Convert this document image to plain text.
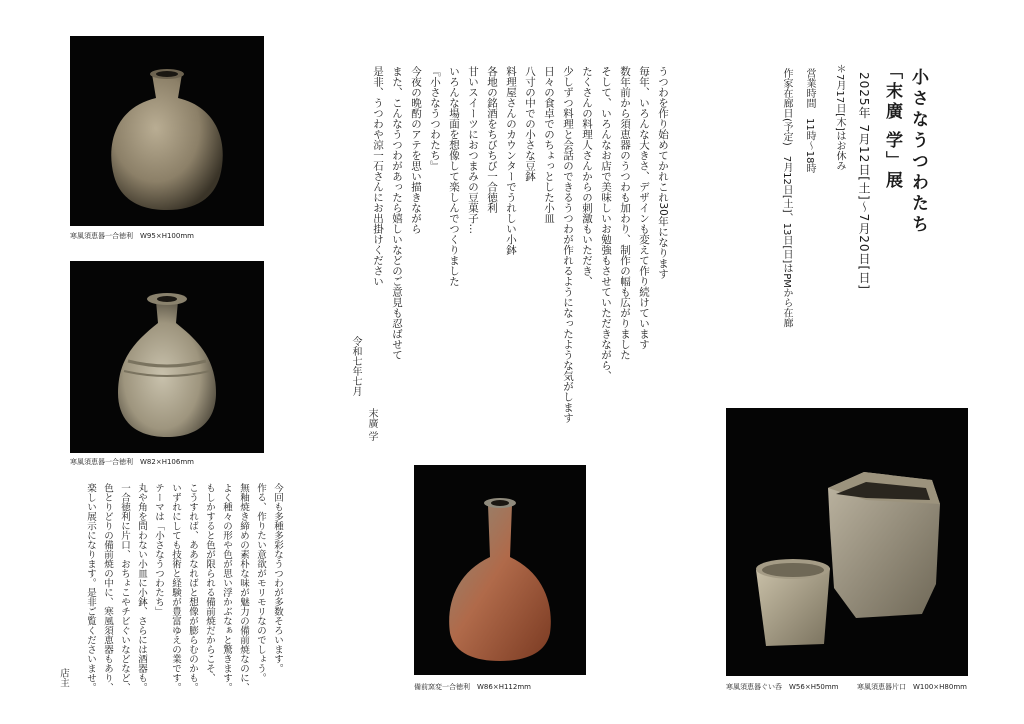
寒風須恵器一合徳利　W95×H100mm
寒風須恵器一合徳利　W82×H106mm
備前窯変一合徳利　W86×H112mm	寒風須恵器ぐい呑　W56×H50mm	寒風須恵器片口　W100×H80mm
小さなうつわたち
「末廣 学」展
2025年 7月12日[土]〜7月20日[日]
＊7月17日[木]はお休み
営業時間　11時〜18時
作家在廊日(予定)　7月12日[土]、13日[日]はPMから在廊
うつわを作り始めてかれこれ30年になります
毎年、いろんな大きさ、デザインも変えて作り続けています
数年前から須恵器のうつわも加わり、制作の幅も広がりました
そして、いろんなお店で美味しいお勉強もさせていただきながら、
たくさんの料理人さんからの刺激もいただき、
少しずつ料理と会話のできるうつわが作れるようになったような気がします
日々の食卓でのちょっとした小皿
八寸の中での小さな豆鉢
料理屋さんのカウンターでうれしい小鉢
各地の銘酒をちびちび一合徳利
甘いスイーツにおつまみの豆菓子…
いろんな場面を想像して楽しんでつくりました
『小さなうつわたち』
今夜の晩酌のアテを思い描きながら
また、こんなうつわがあったら嬉しいなどのご意見も忍ばせて
是非、うつわや涼一石さんにお出掛けください
令和七年七月
末廣 学
今回も多種多彩なうつわが多数そろいます。
作る、作りたい意欲がモリモリなのでしょう。
無釉焼き締めの素朴な味が魅力の備前焼なのに、
よく種々の形や色が思い浮かぶなぁと驚きます。
もしかすると色が限られる備前焼だからこそ、
こうすれば、ああなればと想像が膨らむのかも。
いずれにしても技術と経験が豊富ゆえの業です。
テーマは「小さなうつわたち」
丸や角を問わない小皿に小鉢、さらには酒器も。
一合徳利に片口、おちょこやチビぐいなどなど、
色とりどりの備前焼の中に、寒風須恵器もあり、
楽しい展示になります。是非ご覧くださいませ。
店主
